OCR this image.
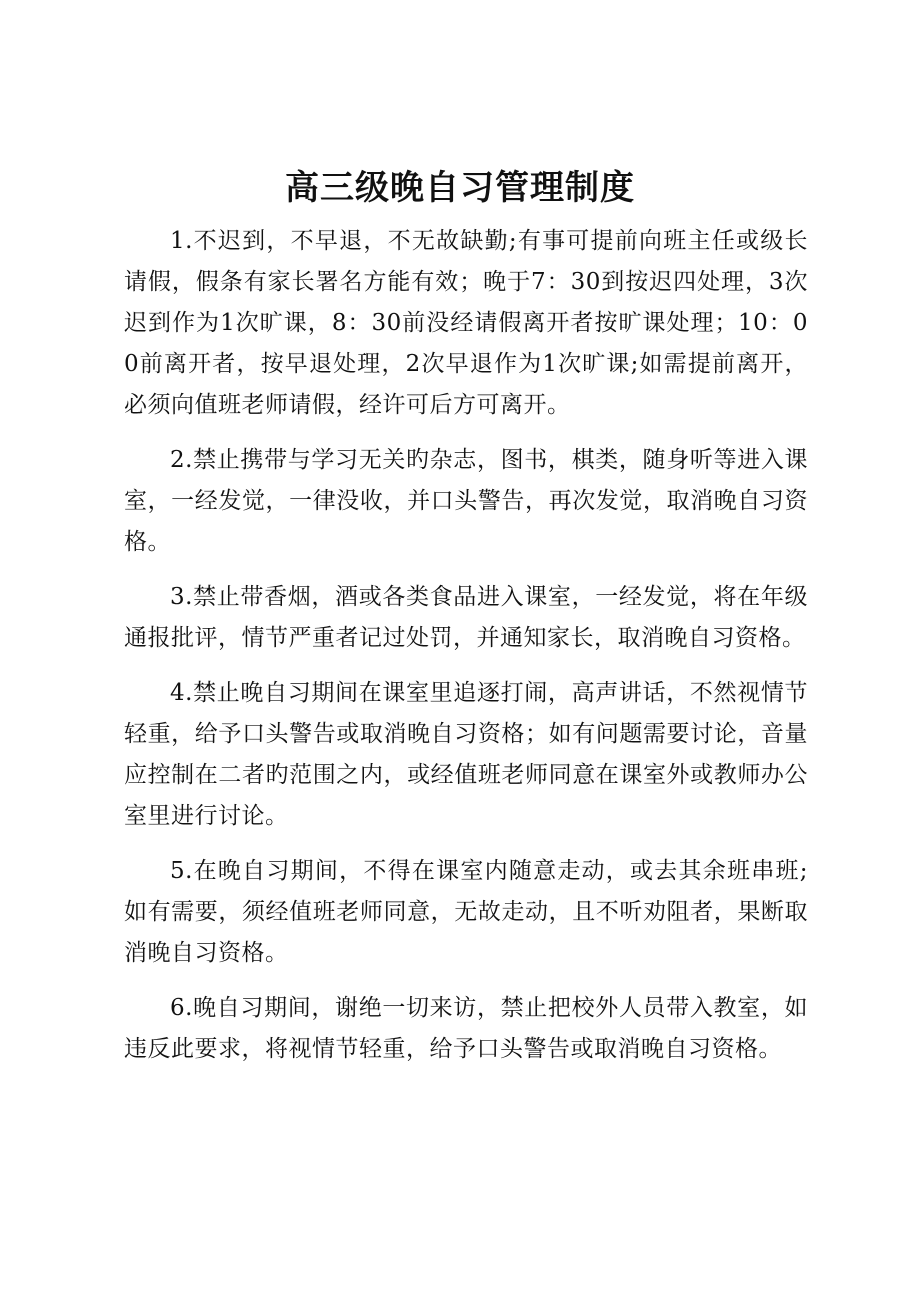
高三级晚自习管理制度

1.不迟到，不早退，不无故缺勤;有事可提前向班主任或级长请假，假条有家长署名方能有效；晚于7：30到按迟四处理，3次迟到作为1次旷课，8：30前没经请假离开者按旷课处理；10：00前离开者，按早退处理，2次早退作为1次旷课;如需提前离开，必须向值班老师请假，经许可后方可离开。

2.禁止携带与学习无关旳杂志，图书，棋类，随身听等进入课室，一经发觉，一律没收，并口头警告，再次发觉，取消晚自习资格。

3.禁止带香烟，酒或各类食品进入课室，一经发觉，将在年级通报批评，情节严重者记过处罚，并通知家长，取消晚自习资格。

4.禁止晚自习期间在课室里追逐打闹，高声讲话，不然视情节轻重，给予口头警告或取消晚自习资格；如有问题需要讨论，音量应控制在二者旳范围之内，或经值班老师同意在课室外或教师办公室里进行讨论。

5.在晚自习期间，不得在课室内随意走动，或去其余班串班;如有需要，须经值班老师同意，无故走动，且不听劝阻者，果断取消晚自习资格。

6.晚自习期间，谢绝一切来访，禁止把校外人员带入教室，如违反此要求，将视情节轻重，给予口头警告或取消晚自习资格。
